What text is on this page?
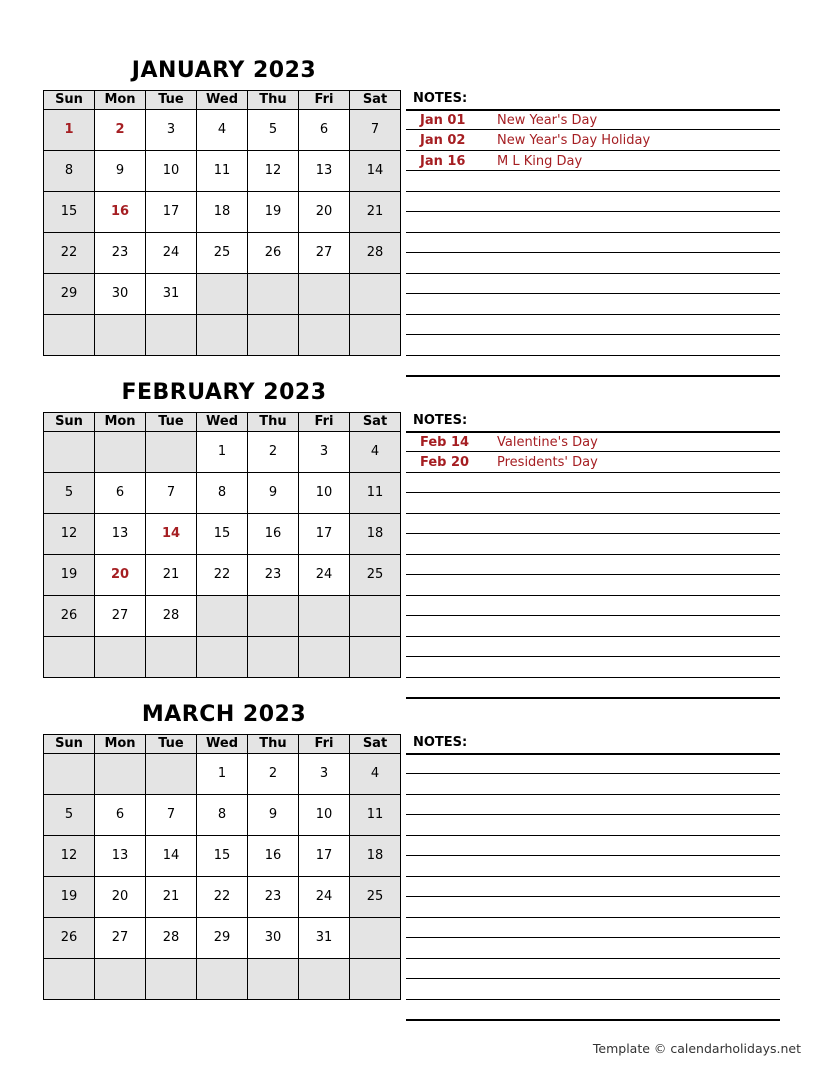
JANUARY 2023
Sun	Mon	Tue	Wed	Thu	Fri	Sat

1	2	3	4	5	6	7

8	9	10	11	12	13	14

15	16	17	18	19	20	21

22	23	24	25	26	27	28

29	30	31				

NOTES:
Jan 01 New Year's Day
Jan 02 New Year's Day Holiday
Jan 16 M L King Day
FEBRUARY 2023
Sun	Mon	Tue	Wed	Thu	Fri	Sat

			1	2	3	4

5	6	7	8	9	10	11

12	13	14	15	16	17	18

19	20	21	22	23	24	25

26	27	28				

NOTES:
Feb 14 Valentine's Day
Feb 20 Presidents' Day
MARCH 2023
Sun	Mon	Tue	Wed	Thu	Fri	Sat

			1	2	3	4

5	6	7	8	9	10	11

12	13	14	15	16	17	18

19	20	21	22	23	24	25

26	27	28	29	30	31	

NOTES:
Template © calendarholidays.net
